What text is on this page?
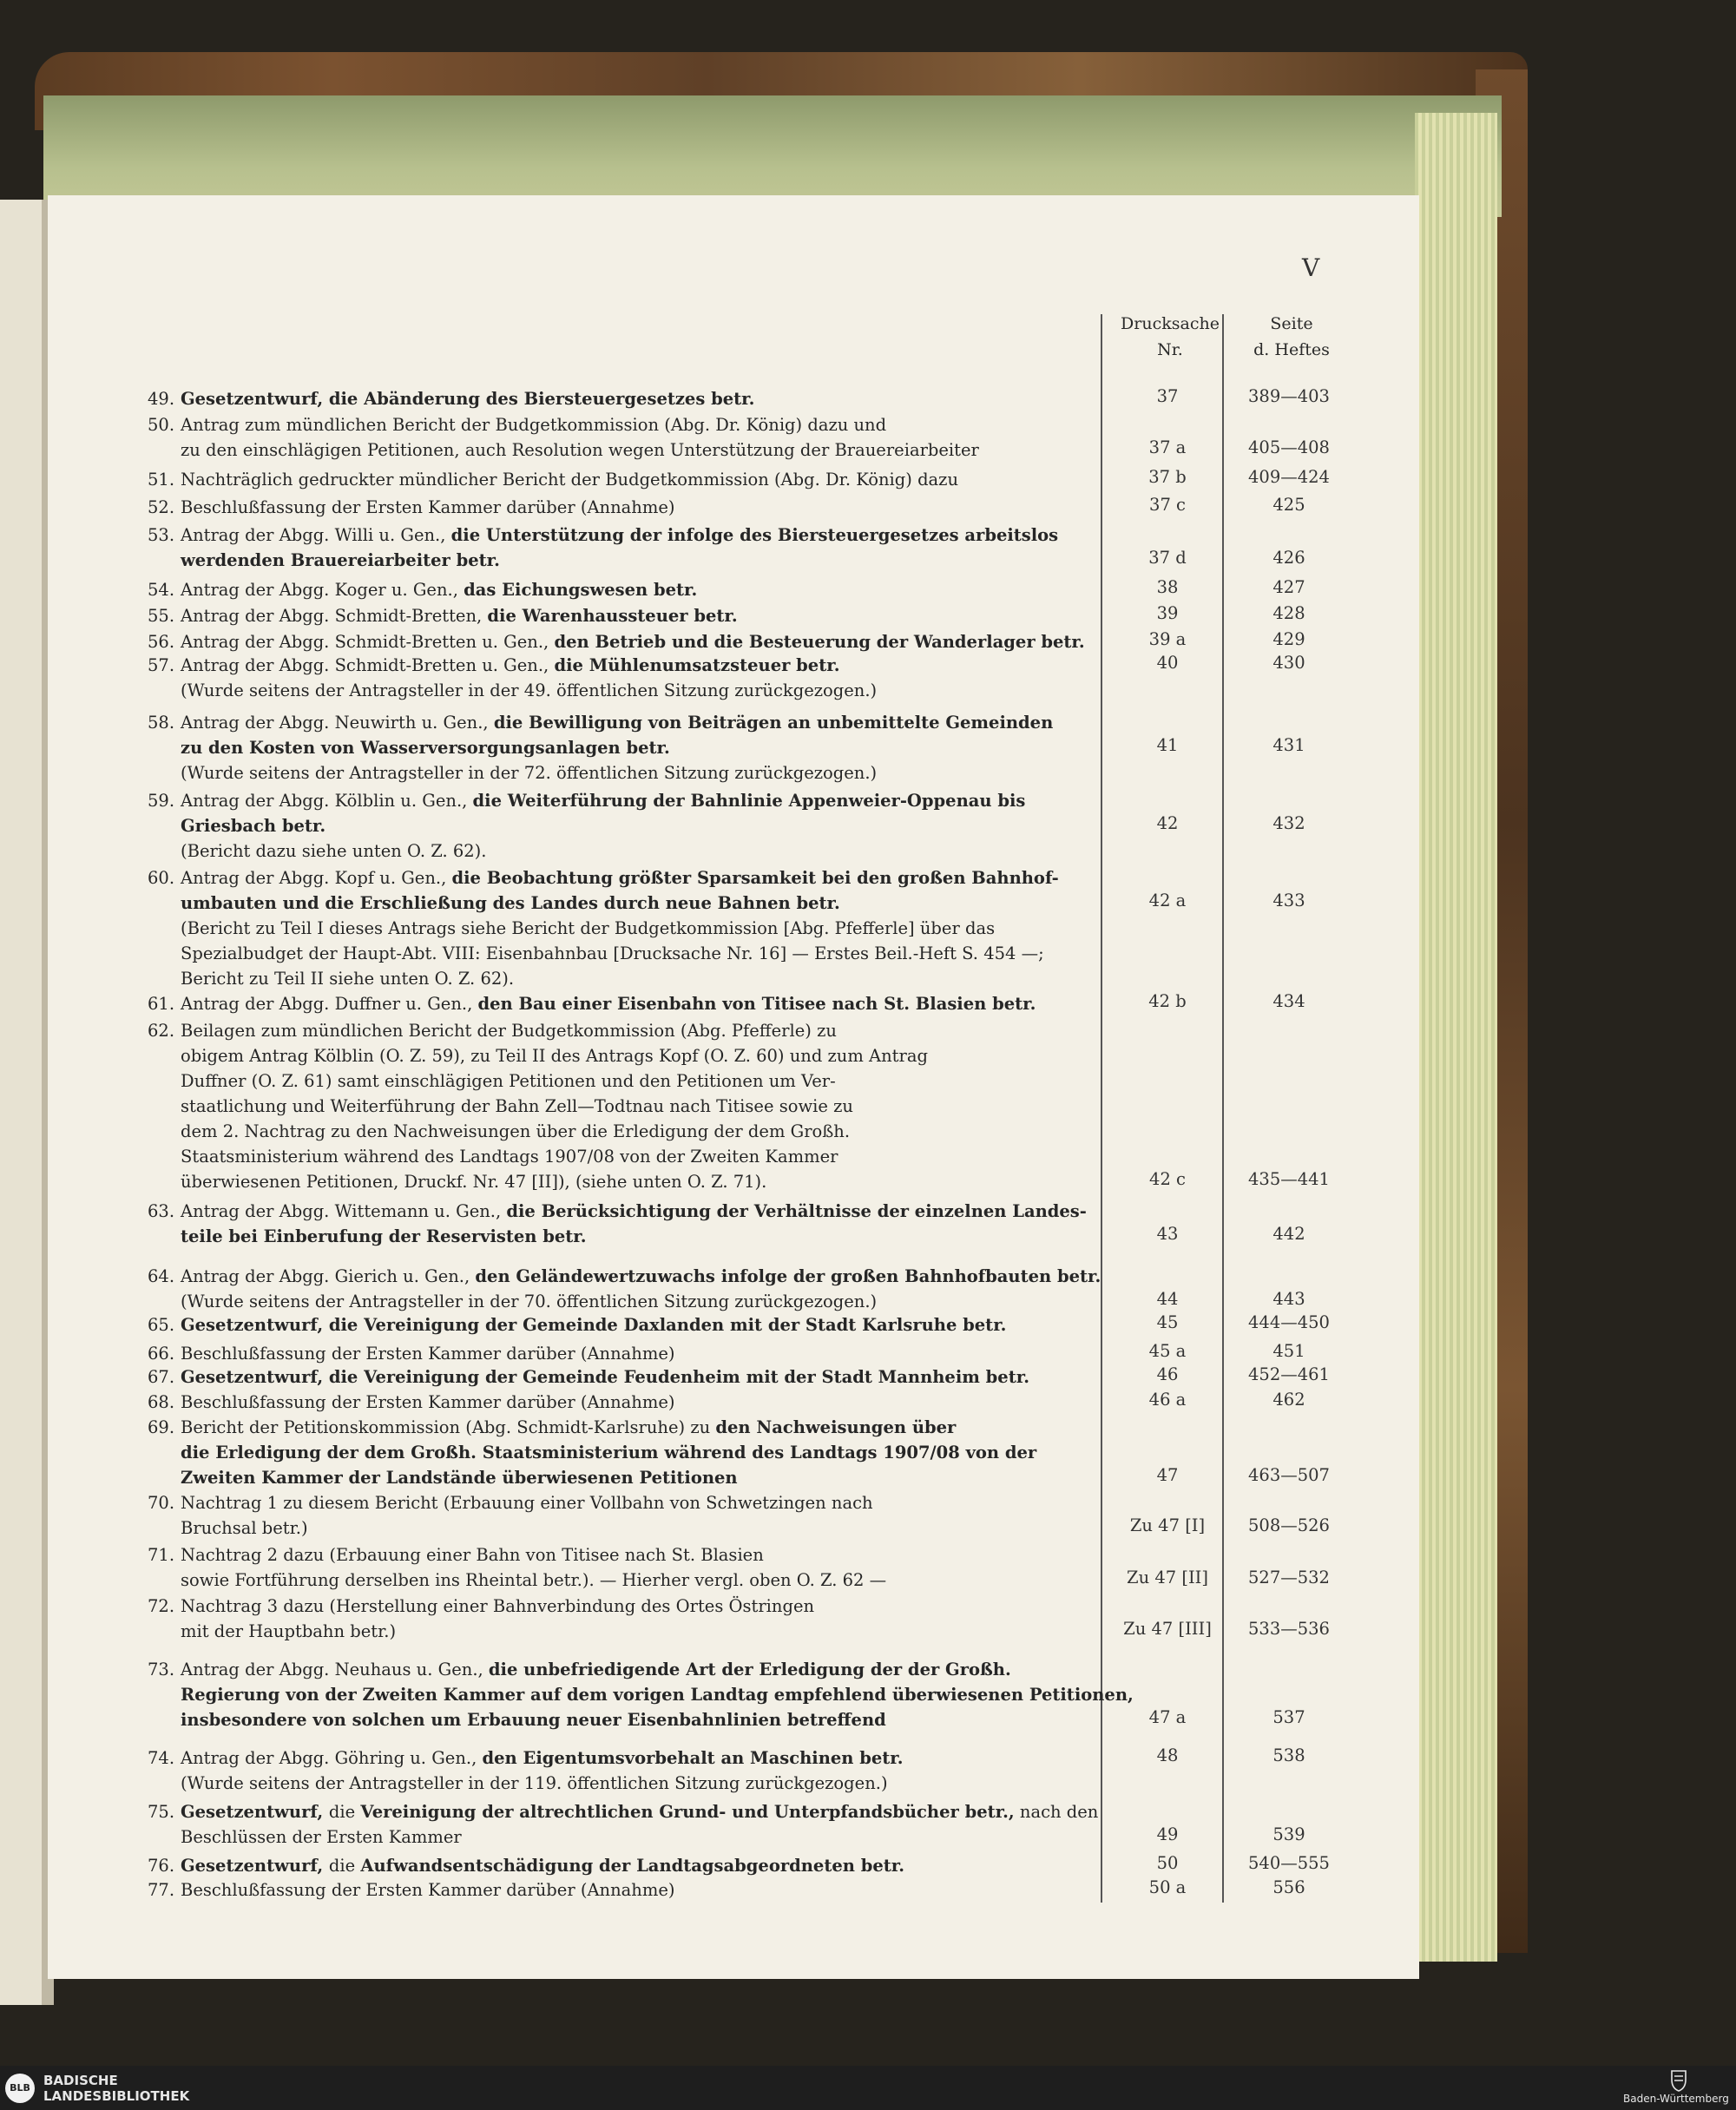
V
Drucksache
Nr.
Seite
d. Heftes
49. Gesetzentwurf, die Abänderung des Biersteuergesetzes betr.	37	389—403
50. Antrag zum mündlichen Bericht der Budgetkommission (Abg. Dr. König) dazu und
zu den einschlägigen Petitionen, auch Resolution wegen Unterstützung der Brauereiarbeiter	37 a	405—408
51. Nachträglich gedruckter mündlicher Bericht der Budgetkommission (Abg. Dr. König) dazu	37 b	409—424
52. Beschlußfassung der Ersten Kammer darüber (Annahme)	37 c	425
53. Antrag der Abgg. Willi u. Gen., die Unterstützung der infolge des Biersteuergesetzes arbeitslos
werdenden Brauereiarbeiter betr.	37 d	426
54. Antrag der Abgg. Koger u. Gen., das Eichungswesen betr.	38	427
55. Antrag der Abgg. Schmidt-Bretten, die Warenhaussteuer betr.	39	428
56. Antrag der Abgg. Schmidt-Bretten u. Gen., den Betrieb und die Besteuerung der Wanderlager betr.	39 a	429
57. Antrag der Abgg. Schmidt-Bretten u. Gen., die Mühlenumsatzsteuer betr.
(Wurde seitens der Antragsteller in der 49. öffentlichen Sitzung zurückgezogen.)
40	430
58. Antrag der Abgg. Neuwirth u. Gen., die Bewilligung von Beiträgen an unbemittelte Gemeinden
zu den Kosten von Wasserversorgungsanlagen betr.
(Wurde seitens der Antragsteller in der 72. öffentlichen Sitzung zurückgezogen.)
41	431
59. Antrag der Abgg. Kölblin u. Gen., die Weiterführung der Bahnlinie Appenweier-Oppenau bis
Griesbach betr.
(Bericht dazu siehe unten O. Z. 62).
42	432
60. Antrag der Abgg. Kopf u. Gen., die Beobachtung größter Sparsamkeit bei den großen Bahnhof-
umbauten und die Erschließung des Landes durch neue Bahnen betr.
(Bericht zu Teil I dieses Antrags siehe Bericht der Budgetkommission [Abg. Pfefferle] über das
Spezialbudget der Haupt-Abt. VIII: Eisenbahnbau [Drucksache Nr. 16] — Erstes Beil.-Heft S. 454 —;
Bericht zu Teil II siehe unten O. Z. 62).
42 a	433
61. Antrag der Abgg. Duffner u. Gen., den Bau einer Eisenbahn von Titisee nach St. Blasien betr.	42 b	434
62. Beilagen zum mündlichen Bericht der Budgetkommission (Abg. Pfefferle) zu
obigem Antrag Kölblin (O. Z. 59), zu Teil II des Antrags Kopf (O. Z. 60) und zum Antrag
Duffner (O. Z. 61) samt einschlägigen Petitionen und den Petitionen um Ver-
staatlichung und Weiterführung der Bahn Zell—Todtnau nach Titisee sowie zu
dem 2. Nachtrag zu den Nachweisungen über die Erledigung der dem Großh.
Staatsministerium während des Landtags 1907/08 von der Zweiten Kammer
überwiesenen Petitionen, Druckf. Nr. 47 [II]), (siehe unten O. Z. 71).	42 c	435—441
63. Antrag der Abgg. Wittemann u. Gen., die Berücksichtigung der Verhältnisse der einzelnen Landes-
teile bei Einberufung der Reservisten betr.	43	442
64. Antrag der Abgg. Gierich u. Gen., den Geländewertzuwachs infolge der großen Bahnhofbauten betr.
(Wurde seitens der Antragsteller in der 70. öffentlichen Sitzung zurückgezogen.)	44	443
65. Gesetzentwurf, die Vereinigung der Gemeinde Daxlanden mit der Stadt Karlsruhe betr.	45	444—450
66. Beschlußfassung der Ersten Kammer darüber (Annahme)	45 a	451
67. Gesetzentwurf, die Vereinigung der Gemeinde Feudenheim mit der Stadt Mannheim betr.	46	452—461
68. Beschlußfassung der Ersten Kammer darüber (Annahme)	46 a	462
69. Bericht der Petitionskommission (Abg. Schmidt-Karlsruhe) zu den Nachweisungen über
die Erledigung der dem Großh. Staatsministerium während des Landtags 1907/08 von der
Zweiten Kammer der Landstände überwiesenen Petitionen	47	463—507
70. Nachtrag 1 zu diesem Bericht (Erbauung einer Vollbahn von Schwetzingen nach
Bruchsal betr.)	Zu 47 [I]	508—526
71. Nachtrag 2 dazu (Erbauung einer Bahn von Titisee nach St. Blasien
sowie Fortführung derselben ins Rheintal betr.). — Hierher vergl. oben O. Z. 62 —	Zu 47 [II]	527—532
72. Nachtrag 3 dazu (Herstellung einer Bahnverbindung des Ortes Östringen
mit der Hauptbahn betr.)	Zu 47 [III]	533—536
73. Antrag der Abgg. Neuhaus u. Gen., die unbefriedigende Art der Erledigung der der Großh.
Regierung von der Zweiten Kammer auf dem vorigen Landtag empfehlend überwiesenen Petitionen,
insbesondere von solchen um Erbauung neuer Eisenbahnlinien betreffend	47 a	537
74. Antrag der Abgg. Göhring u. Gen., den Eigentumsvorbehalt an Maschinen betr.
(Wurde seitens der Antragsteller in der 119. öffentlichen Sitzung zurückgezogen.)
48	538
75. Gesetzentwurf, die Vereinigung der altrechtlichen Grund- und Unterpfandsbücher betr., nach den
Beschlüssen der Ersten Kammer	49	539
76. Gesetzentwurf, die Aufwandsentschädigung der Landtagsabgeordneten betr.	50	540—555
77. Beschlußfassung der Ersten Kammer darüber (Annahme)	50 a	556
BLB	BADISCHE
LANDESBIBLIOTHEK	Baden-Württemberg
